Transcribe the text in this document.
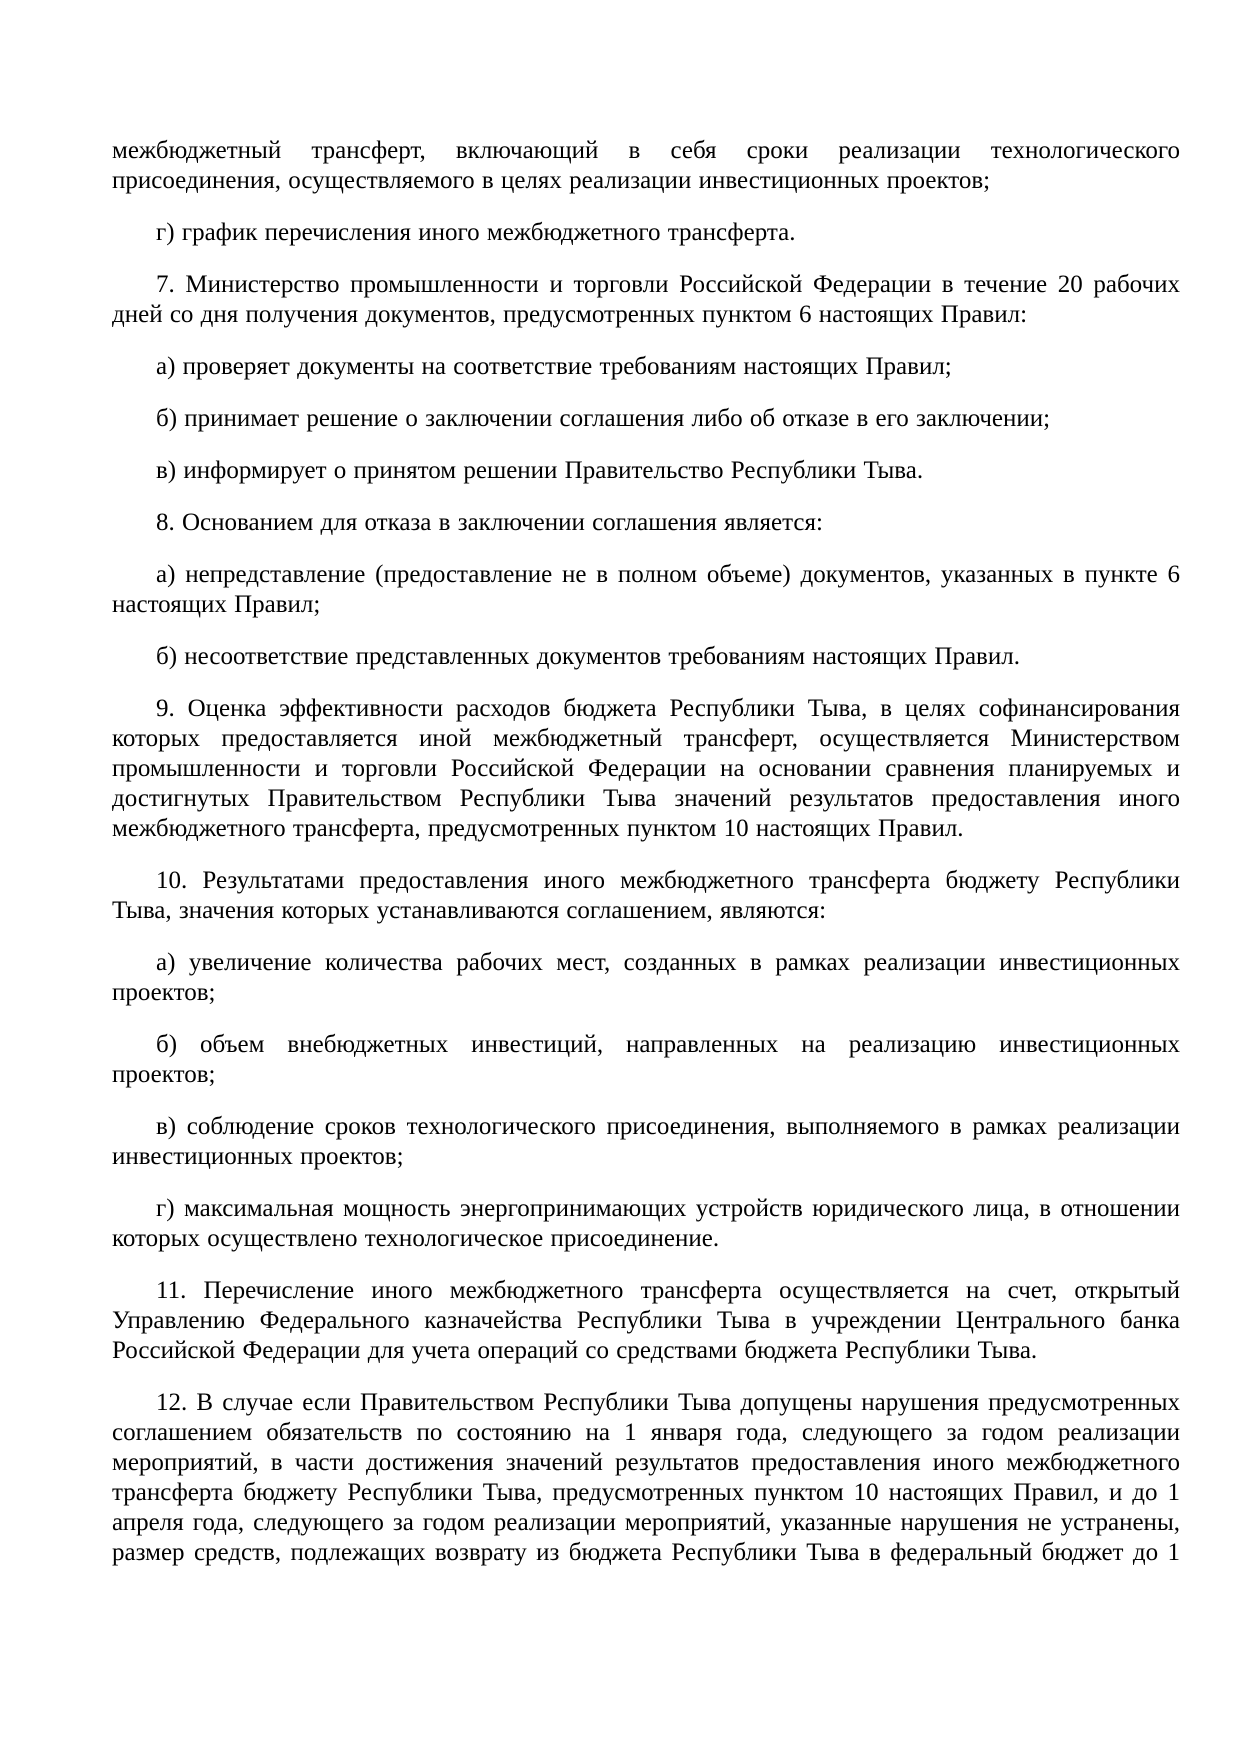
межбюджетный трансферт, включающий в себя сроки реализации технологического присоединения, осуществляемого в целях реализации инвестиционных проектов;

г) график перечисления иного межбюджетного трансферта.

7. Министерство промышленности и торговли Российской Федерации в течение 20 рабочих дней со дня получения документов, предусмотренных пунктом 6 настоящих Правил:

а) проверяет документы на соответствие требованиям настоящих Правил;

б) принимает решение о заключении соглашения либо об отказе в его заключении;

в) информирует о принятом решении Правительство Республики Тыва.

8. Основанием для отказа в заключении соглашения является:

а) непредставление (предоставление не в полном объеме) документов, указанных в пункте 6 настоящих Правил;

б) несоответствие представленных документов требованиям настоящих Правил.

9. Оценка эффективности расходов бюджета Республики Тыва, в целях софинансирования которых предоставляется иной межбюджетный трансферт, осуществляется Министерством промышленности и торговли Российской Федерации на основании сравнения планируемых и достигнутых Правительством Республики Тыва значений результатов предоставления иного межбюджетного трансферта, предусмотренных пунктом 10 настоящих Правил.

10. Результатами предоставления иного межбюджетного трансферта бюджету Республики Тыва, значения которых устанавливаются соглашением, являются:

а) увеличение количества рабочих мест, созданных в рамках реализации инвестиционных проектов;

б) объем внебюджетных инвестиций, направленных на реализацию инвестиционных проектов;

в) соблюдение сроков технологического присоединения, выполняемого в рамках реализации инвестиционных проектов;

г) максимальная мощность энергопринимающих устройств юридического лица, в отношении которых осуществлено технологическое присоединение.

11. Перечисление иного межбюджетного трансферта осуществляется на счет, открытый Управлению Федерального казначейства Республики Тыва в учреждении Центрального банка Российской Федерации для учета операций со средствами бюджета Республики Тыва.

12. В случае если Правительством Республики Тыва допущены нарушения предусмотренных соглашением обязательств по состоянию на 1 января года, следующего за годом реализации мероприятий, в части достижения значений результатов предоставления иного межбюджетного трансферта бюджету Республики Тыва, предусмотренных пунктом 10 настоящих Правил, и до 1 апреля года, следующего за годом реализации мероприятий, указанные нарушения не устранены, размер средств, подлежащих возврату из бюджета Республики Тыва в федеральный бюджет до 1
